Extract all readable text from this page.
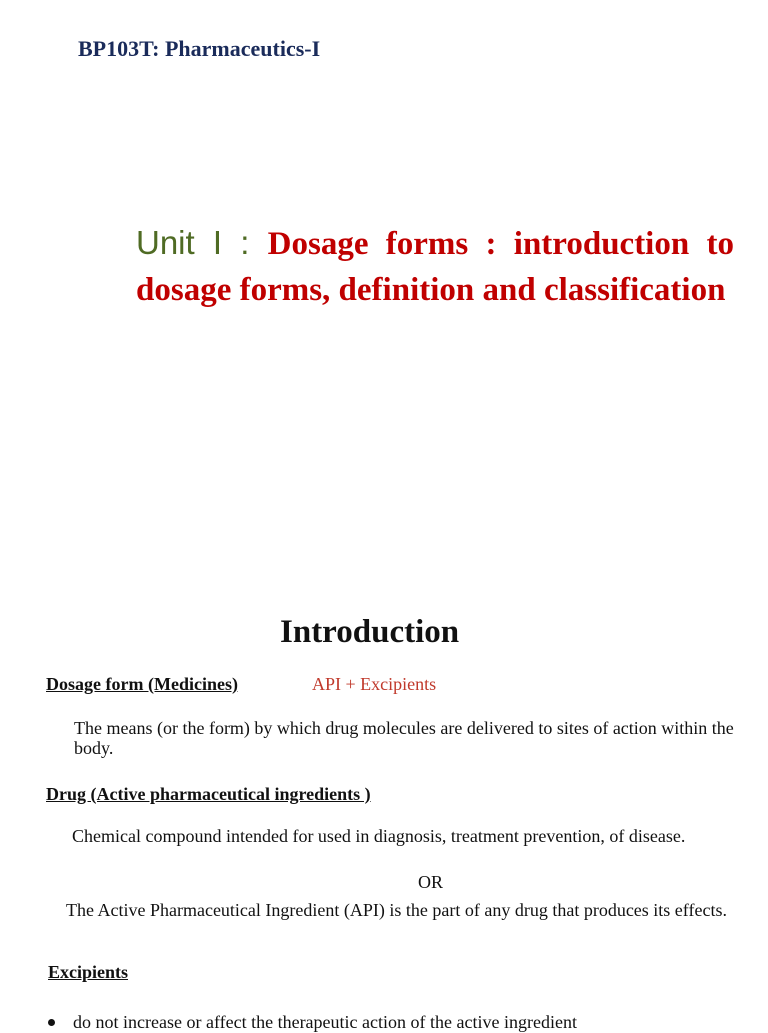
BP103T: Pharmaceutics-I
Unit I : Dosage forms : introduction to dosage forms, definition and classification
Introduction
Dosage form (Medicines)	API + Excipients
The means (or the form) by which drug molecules are delivered to sites of action within the body.
Drug (Active pharmaceutical ingredients )
Chemical compound intended for used in diagnosis, treatment prevention, of disease.
OR
The Active Pharmaceutical Ingredient (API) is the part of any drug that produces its effects.
Excipients
do not increase or affect the therapeutic action of the active ingredient
